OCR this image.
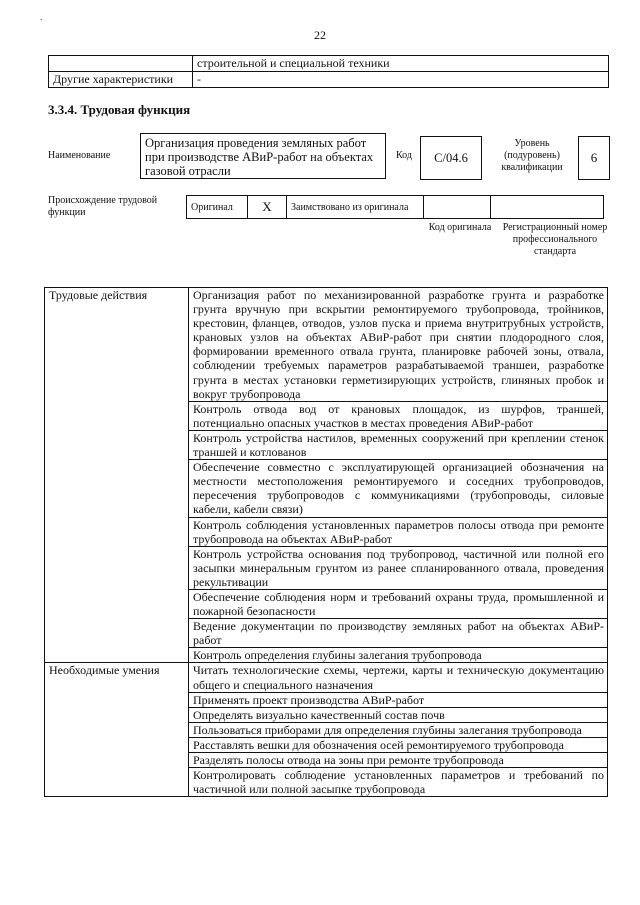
.
22
	строительной и специальной техники
Другие характеристики	-
3.3.4. Трудовая функция
Наименование
Организация проведения земляных работ при производстве АВиР-работ на объектах газовой отрасли
Код	C/04.6
Уровень (подуровень) квалификации
6
Происхождение трудовой функции	Оригинал	X	Заимствовано из оригинала		
Код оригинала	Регистрационный номер профессионального стандарта
Трудовые действия	Организация работ по механизированной разработке грунта и разработке грунта вручную при вскрытии ремонтируемого трубопровода, тройников, крестовин, фланцев, отводов, узлов пуска и приема внутритрубных устройств, крановых узлов на объектах АВиР-работ при снятии плодородного слоя, формировании временного отвала грунта, планировке рабочей зоны, отвала, соблюдении требуемых параметров разрабатываемой траншеи, разработке грунта в местах установки герметизирующих устройств, глиняных пробок и вокруг трубопровода
	Контроль отвода вод от крановых площадок, из шурфов, траншей, потенциально опасных участков в местах проведения АВиР-работ
	Контроль устройства настилов, временных сооружений при креплении стенок траншей и котлованов
	Обеспечение совместно с эксплуатирующей организацией обозначения на местности местоположения ремонтируемого и соседних трубопроводов, пересечения трубопроводов с коммуникациями (трубопроводы, силовые кабели, кабели связи)
	Контроль соблюдения установленных параметров полосы отвода при ремонте трубопровода на объектах АВиР-работ
	Контроль устройства основания под трубопровод, частичной или полной его засыпки минеральным грунтом из ранее спланированного отвала, проведения рекультивации
	Обеспечение соблюдения норм и требований охраны труда, промышленной и пожарной безопасности
	Ведение документации по производству земляных работ на объектах АВиР-работ
	Контроль определения глубины залегания трубопровода
Необходимые умения	Читать технологические схемы, чертежи, карты и техническую документацию общего и специального назначения
	Применять проект производства АВиР-работ
	Определять визуально качественный состав почв
	Пользоваться приборами для определения глубины залегания трубопровода
	Расставлять вешки для обозначения осей ремонтируемого трубопровода
	Разделять полосы отвода на зоны при ремонте трубопровода
	Контролировать соблюдение установленных параметров и требований по частичной или полной засыпке трубопровода
